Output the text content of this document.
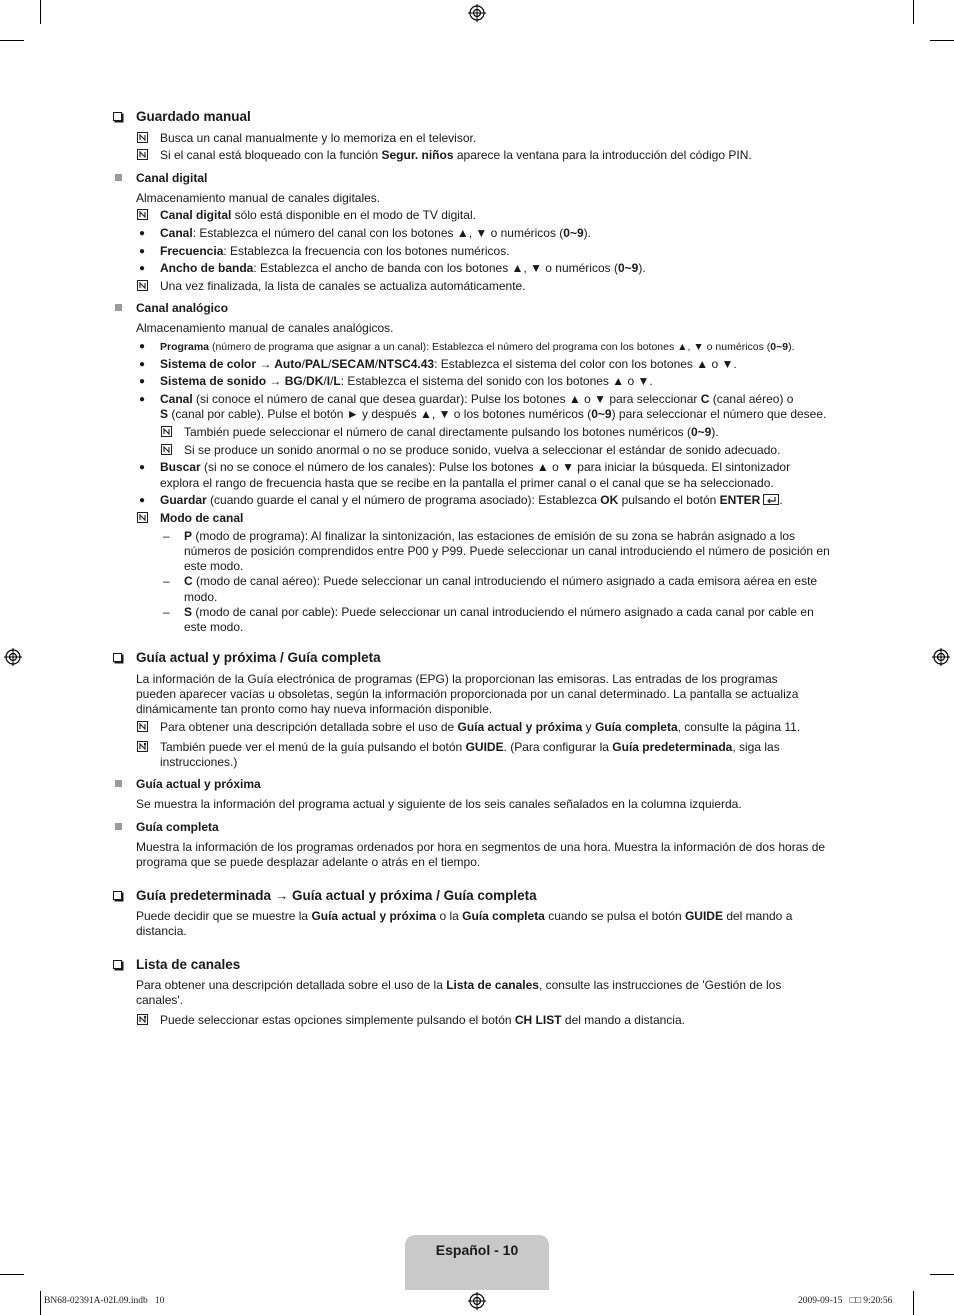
Guardado manual
Busca un canal manualmente y lo memoriza en el televisor.
Si el canal está bloqueado con la función Segur. niños aparece la ventana para la introducción del código PIN.
Canal digital
Almacenamiento manual de canales digitales.
Canal digital sólo está disponible en el modo de TV digital.
● Canal: Establezca el número del canal con los botones ▲, ▼ o numéricos (0~9).
● Frecuencia: Establezca la frecuencia con los botones numéricos.
● Ancho de banda: Establezca el ancho de banda con los botones ▲, ▼ o numéricos (0~9).
Una vez finalizada, la lista de canales se actualiza automáticamente.
Canal analógico
Almacenamiento manual de canales analógicos.
● Programa (número de programa que asignar a un canal): Establezca el número del programa con los botones ▲, ▼ o numéricos (0~9).
● Sistema de color → Auto/PAL/SECAM/NTSC4.43: Establezca el sistema del color con los botones ▲ o ▼.
● Sistema de sonido → BG/DK/I/L: Establezca el sistema del sonido con los botones ▲ o ▼.
● Canal (si conoce el número de canal que desea guardar): Pulse los botones ▲ o ▼ para seleccionar C (canal aéreo) o
S (canal por cable). Pulse el botón ► y después ▲, ▼ o los botones numéricos (0~9) para seleccionar el número que desee.
También puede seleccionar el número de canal directamente pulsando los botones numéricos (0~9).
Si se produce un sonido anormal o no se produce sonido, vuelva a seleccionar el estándar de sonido adecuado.
● Buscar (si no se conoce el número de los canales): Pulse los botones ▲ o ▼ para iniciar la búsqueda. El sintonizador
explora el rango de frecuencia hasta que se recibe en la pantalla el primer canal o el canal que se ha seleccionado.
● Guardar (cuando guarde el canal y el número de programa asociado): Establezca OK pulsando el botón ENTER .
Modo de canal
– P (modo de programa): Al finalizar la sintonización, las estaciones de emisión de su zona se habrán asignado a los
números de posición comprendidos entre P00 y P99. Puede seleccionar un canal introduciendo el número de posición en
este modo.
– C (modo de canal aéreo): Puede seleccionar un canal introduciendo el número asignado a cada emisora aérea en este
modo.
– S (modo de canal por cable): Puede seleccionar un canal introduciendo el número asignado a cada canal por cable en
este modo.
Guía actual y próxima / Guía completa
La información de la Guía electrónica de programas (EPG) la proporcionan las emisoras. Las entradas de los programas
pueden aparecer vacías u obsoletas, según la información proporcionada por un canal determinado. La pantalla se actualiza
dinámicamente tan pronto como hay nueva información disponible.
Para obtener una descripción detallada sobre el uso de Guía actual y próxima y Guía completa, consulte la página 11.
También puede ver el menú de la guía pulsando el botón GUIDE. (Para configurar la Guía predeterminada, siga las
instrucciones.)
Guía actual y próxima
Se muestra la información del programa actual y siguiente de los seis canales señalados en la columna izquierda.
Guía completa
Muestra la información de los programas ordenados por hora en segmentos de una hora. Muestra la información de dos horas de
programa que se puede desplazar adelante o atrás en el tiempo.
Guía predeterminada → Guía actual y próxima / Guía completa
Puede decidir que se muestre la Guía actual y próxima o la Guía completa cuando se pulsa el botón GUIDE del mando a
distancia.
Lista de canales
Para obtener una descripción detallada sobre el uso de la Lista de canales, consulte las instrucciones de 'Gestión de los
canales'.
Puede seleccionar estas opciones simplemente pulsando el botón CH LIST del mando a distancia.
Español - 10
BN68-02391A-02L09.indb   10	2009-09-15   □□ 9:20:56
